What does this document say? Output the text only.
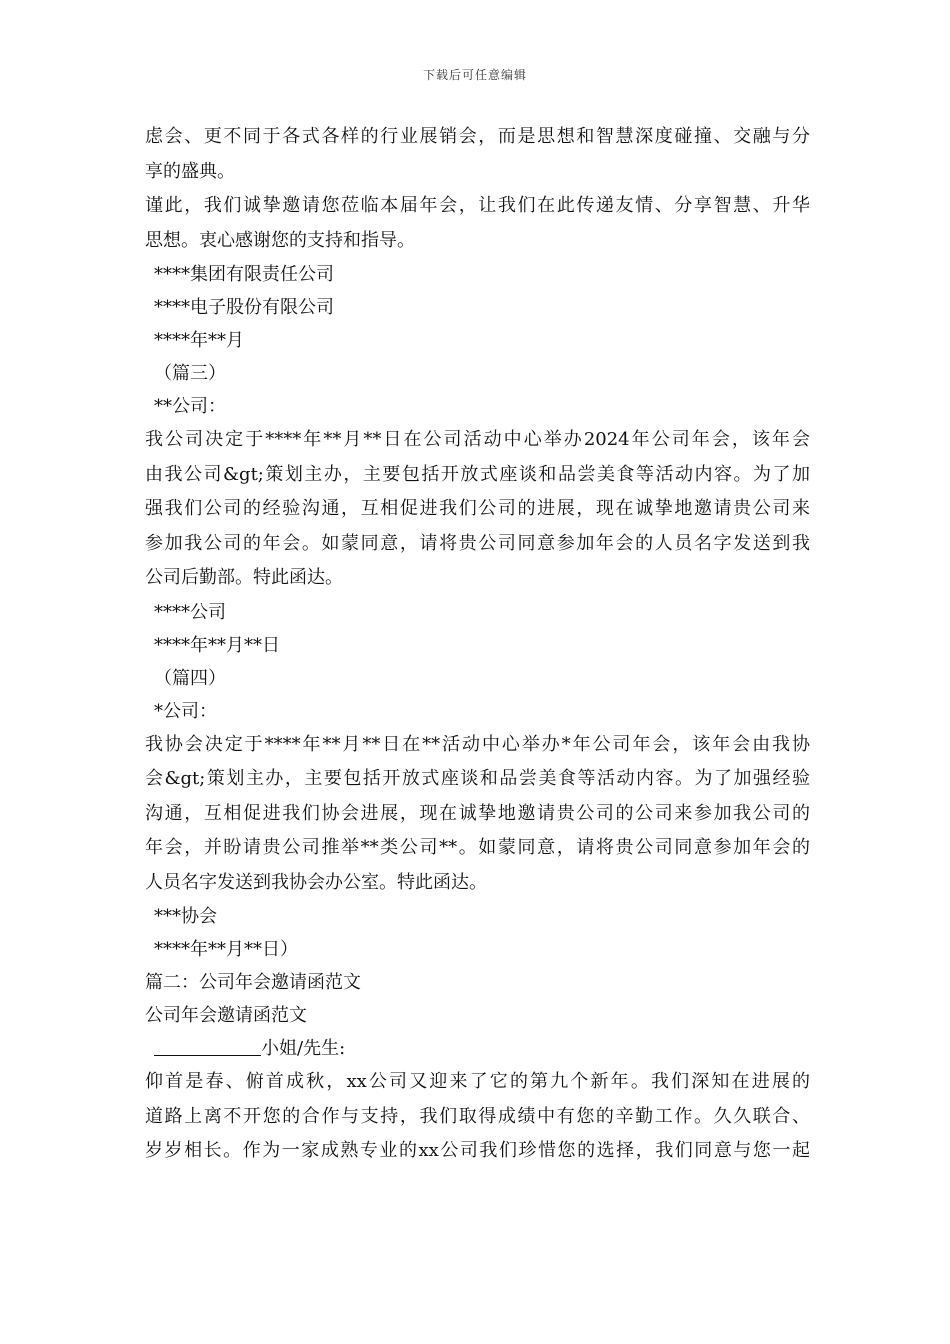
下载后可任意编辑
虑会、更不同于各式各样的行业展销会，而是思想和智慧深度碰撞、交融与分
享的盛典。
谨此，我们诚挚邀请您莅临本届年会，让我们在此传递友情、分享智慧、升华
思想。衷心感谢您的支持和指导。
****集团有限责任公司
****电子股份有限公司
****年**月
（篇三）
**公司：
我公司决定于****年**月**日在公司活动中心举办2024年公司年会，该年会
由我公司&gt;策划主办，主要包括开放式座谈和品尝美食等活动内容。为了加
强我们公司的经验沟通，互相促进我们公司的进展，现在诚挚地邀请贵公司来
参加我公司的年会。如蒙同意，请将贵公司同意参加年会的人员名字发送到我
公司后勤部。特此函达。
****公司
****年**月**日
（篇四）
*公司：
我协会决定于****年**月**日在**活动中心举办*年公司年会，该年会由我协
会&gt;策划主办，主要包括开放式座谈和品尝美食等活动内容。为了加强经验
沟通，互相促进我们协会进展，现在诚挚地邀请贵公司的公司来参加我公司的
年会，并盼请贵公司推举**类公司**。如蒙同意，请将贵公司同意参加年会的
人员名字发送到我协会办公室。特此函达。
***协会
****年**月**日）
篇二：公司年会邀请函范文
公司年会邀请函范文
小姐/先生:
仰首是春、俯首成秋，xx公司又迎来了它的第九个新年。我们深知在进展的
道路上离不开您的合作与支持，我们取得成绩中有您的辛勤工作。久久联合、
岁岁相长。作为一家成熟专业的xx公司我们珍惜您的选择，我们同意与您一起
